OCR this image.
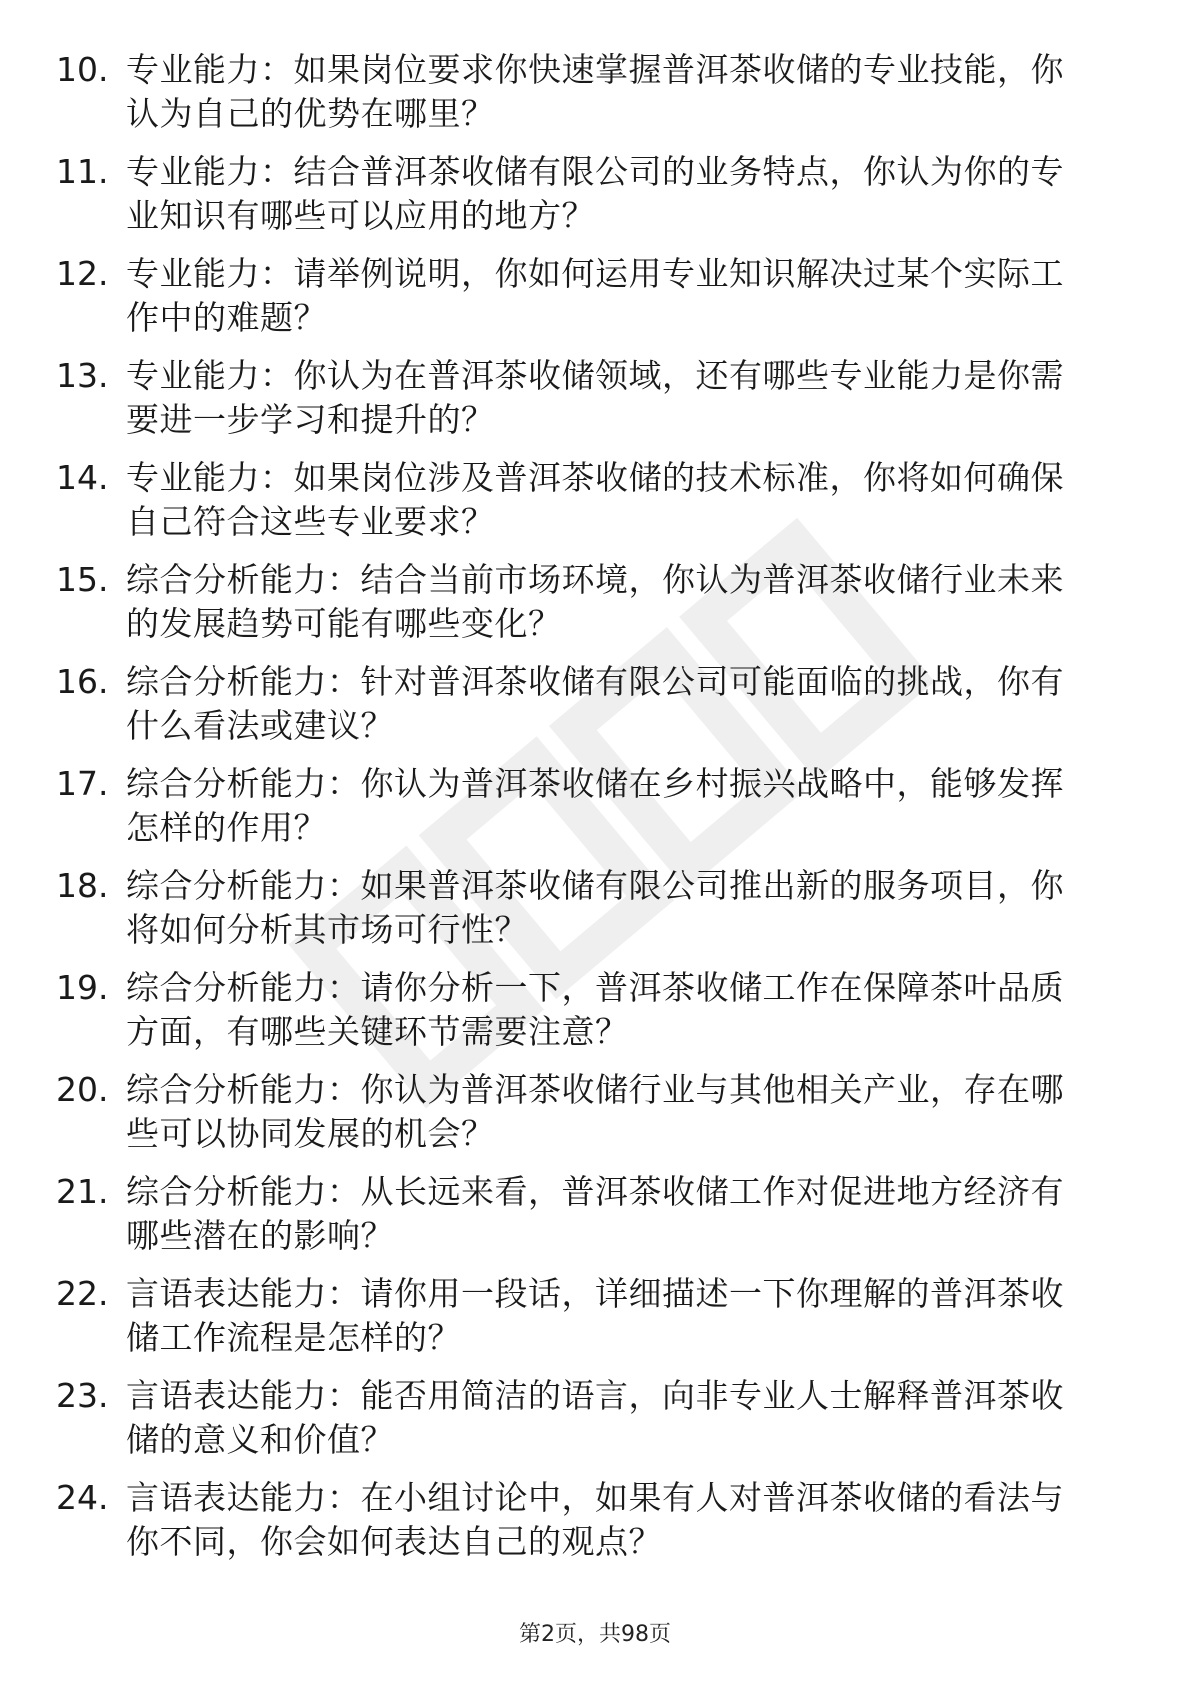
10. 专业能力：如果岗位要求你快速掌握普洱茶收储的专业技能，你
认为自己的优势在哪里？
11. 专业能力：结合普洱茶收储有限公司的业务特点，你认为你的专
业知识有哪些可以应用的地方？
12. 专业能力：请举例说明，你如何运用专业知识解决过某个实际工
作中的难题？
13. 专业能力：你认为在普洱茶收储领域，还有哪些专业能力是你需
要进一步学习和提升的？
14. 专业能力：如果岗位涉及普洱茶收储的技术标准，你将如何确保
自己符合这些专业要求？
15. 综合分析能力：结合当前市场环境，你认为普洱茶收储行业未来
的发展趋势可能有哪些变化？
16. 综合分析能力：针对普洱茶收储有限公司可能面临的挑战，你有
什么看法或建议？
17. 综合分析能力：你认为普洱茶收储在乡村振兴战略中，能够发挥
怎样的作用？
18. 综合分析能力：如果普洱茶收储有限公司推出新的服务项目，你
将如何分析其市场可行性？
19. 综合分析能力：请你分析一下，普洱茶收储工作在保障茶叶品质
方面，有哪些关键环节需要注意？
20. 综合分析能力：你认为普洱茶收储行业与其他相关产业，存在哪
些可以协同发展的机会？
21. 综合分析能力：从长远来看，普洱茶收储工作对促进地方经济有
哪些潜在的影响？
22. 言语表达能力：请你用一段话，详细描述一下你理解的普洱茶收
储工作流程是怎样的？
23. 言语表达能力：能否用简洁的语言，向非专业人士解释普洱茶收
储的意义和价值？
24. 言语表达能力：在小组讨论中，如果有人对普洱茶收储的看法与
你不同，你会如何表达自己的观点？
第2页，共98页
